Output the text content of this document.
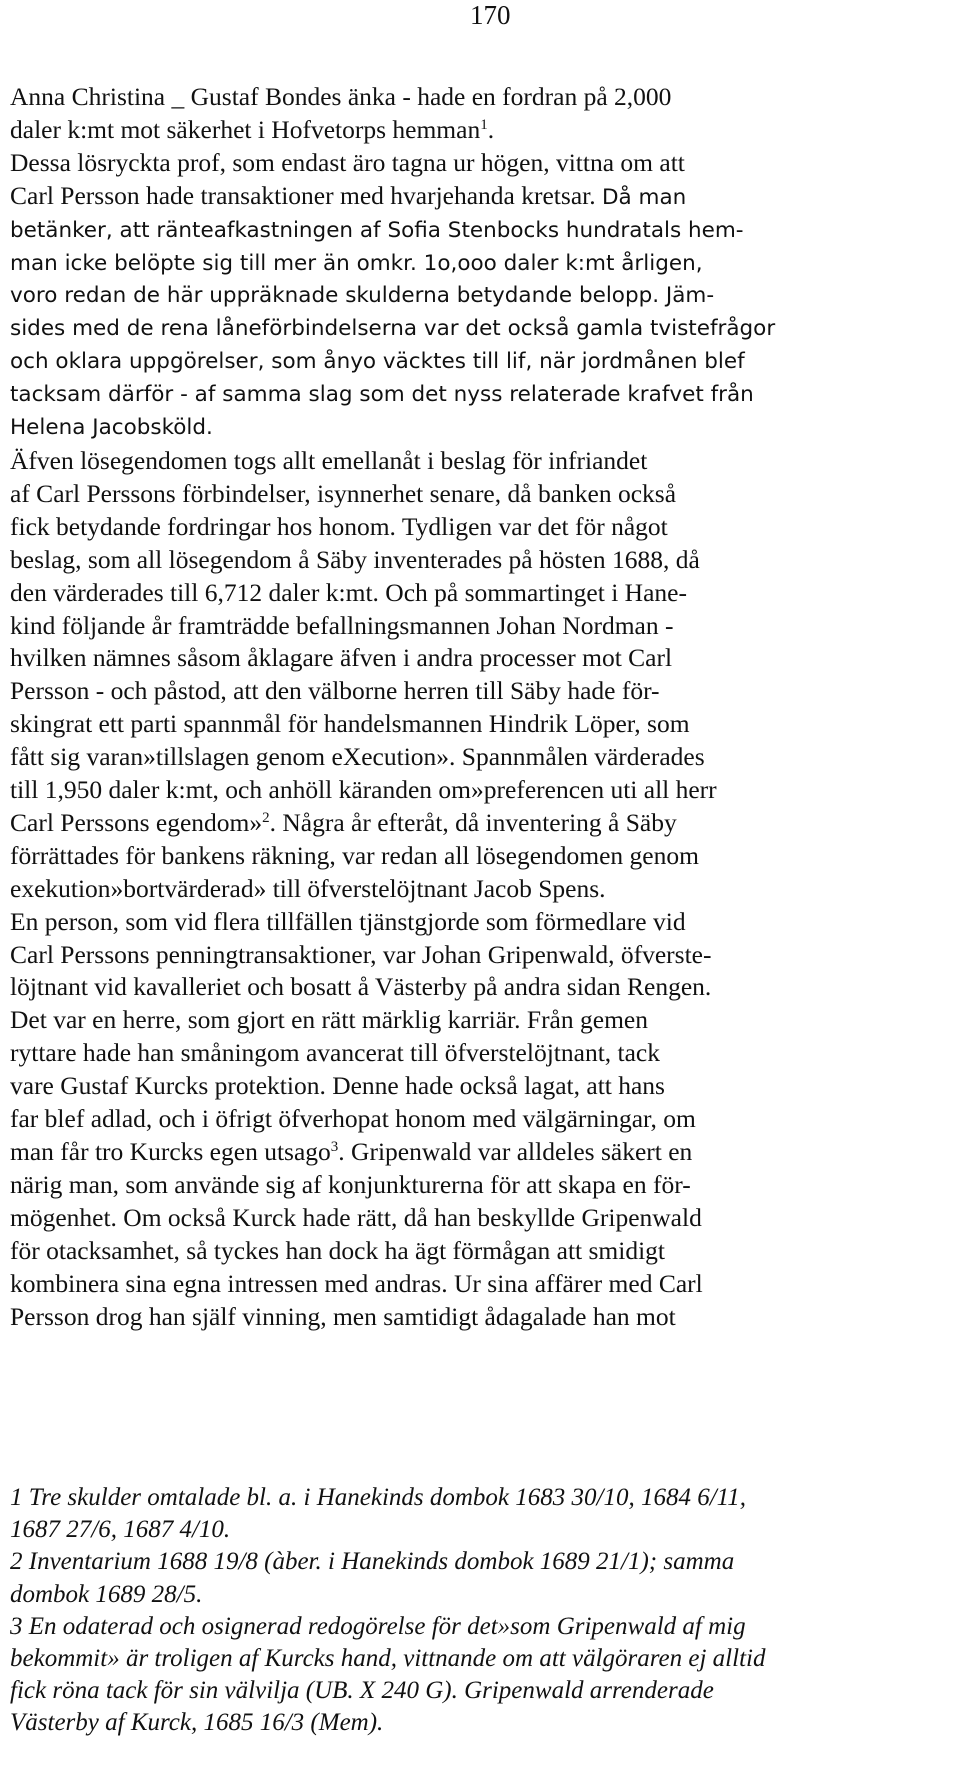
170
Anna Christina _ Gustaf Bondes änka - hade en fordran på 2,000
daler k:mt mot säkerhet i Hofvetorps hemman$^1$.
Dessa lösryckta prof, som endast äro tagna ur högen, vittna om att
Carl Persson hade transaktioner med hvarjehanda kretsar. Då man
betänker, att ränteafkastningen af Sofia Stenbocks hundratals hem-
man icke belöpte sig till mer än omkr. 1o,ooo daler k:mt årligen,
voro redan de här uppräknade skulderna betydande belopp. Jäm-
sides med de rena låneförbindelserna var det också gamla tvistefrågor
och oklara uppgörelser, som ånyo väcktes till lif, när jordmånen blef
tacksam därför - af samma slag som det nyss relaterade krafvet från
Helena Jacobsköld.
Äfven lösegendomen togs allt emellanåt i beslag för infriandet
af Carl Perssons förbindelser, isynnerhet senare, då banken också
fick betydande fordringar hos honom. Tydligen var det för något
beslag, som all lösegendom å Säby inventerades på hösten 1688, då
den värderades till 6,712 daler k:mt. Och på sommartinget i Hane-
kind följande år framträdde befallningsmannen Johan Nordman -
hvilken nämnes såsom åklagare äfven i andra processer mot Carl
Persson - och påstod, att den välborne herren till Säby hade för-
skingrat ett parti spannmål för handelsmannen Hindrik Löper, som
fått sig varan»tillslagen genom eXecution». Spannmålen värderades
till 1,950 daler k:mt, och anhöll käranden om»preferencen uti all herr
Carl Perssons egendom»$^2$. Några år efteråt, då inventering å Säby
förrättades för bankens räkning, var redan all lösegendomen genom
exekution»bortvärderad» till öfverstelöjtnant Jacob Spens.
En person, som vid flera tillfällen tjänstgjorde som förmedlare vid
Carl Perssons penningtransaktioner, var Johan Gripenwald, öfverste-
löjtnant vid kavalleriet och bosatt å Västerby på andra sidan Rengen.
Det var en herre, som gjort en rätt märklig karriär. Från gemen
ryttare hade han småningom avancerat till öfverstelöjtnant, tack
vare Gustaf Kurcks protektion. Denne hade också lagat, att hans
far blef adlad, och i öfrigt öfverhopat honom med välgärningar, om
man får tro Kurcks egen utsago$^3$. Gripenwald var alldeles säkert en
närig man, som använde sig af konjunkturerna för att skapa en för-
mögenhet. Om också Kurck hade rätt, då han beskyllde Gripenwald
för otacksamhet, så tyckes han dock ha ägt förmågan att smidigt
kombinera sina egna intressen med andras. Ur sina affärer med Carl
Persson drog han själf vinning, men samtidigt ådagalade han mot
1 Tre skulder omtalade bl. a. i Hanekinds dombok 1683 30/10, 1684 6/11,
1687 27/6, 1687 4/10.
2 Inventarium 1688 19/8 (àber. i Hanekinds dombok 1689 21/1); samma
dombok 1689 28/5.
3 En odaterad och osignerad redogörelse för det»som Gripenwald af mig
bekommit» är troligen af Kurcks hand, vittnande om att välgöraren ej alltid
fick röna tack för sin välvilja (UB. X 240 G). Gripenwald arrenderade
Västerby af Kurck, 1685 16/3 (Mem).
